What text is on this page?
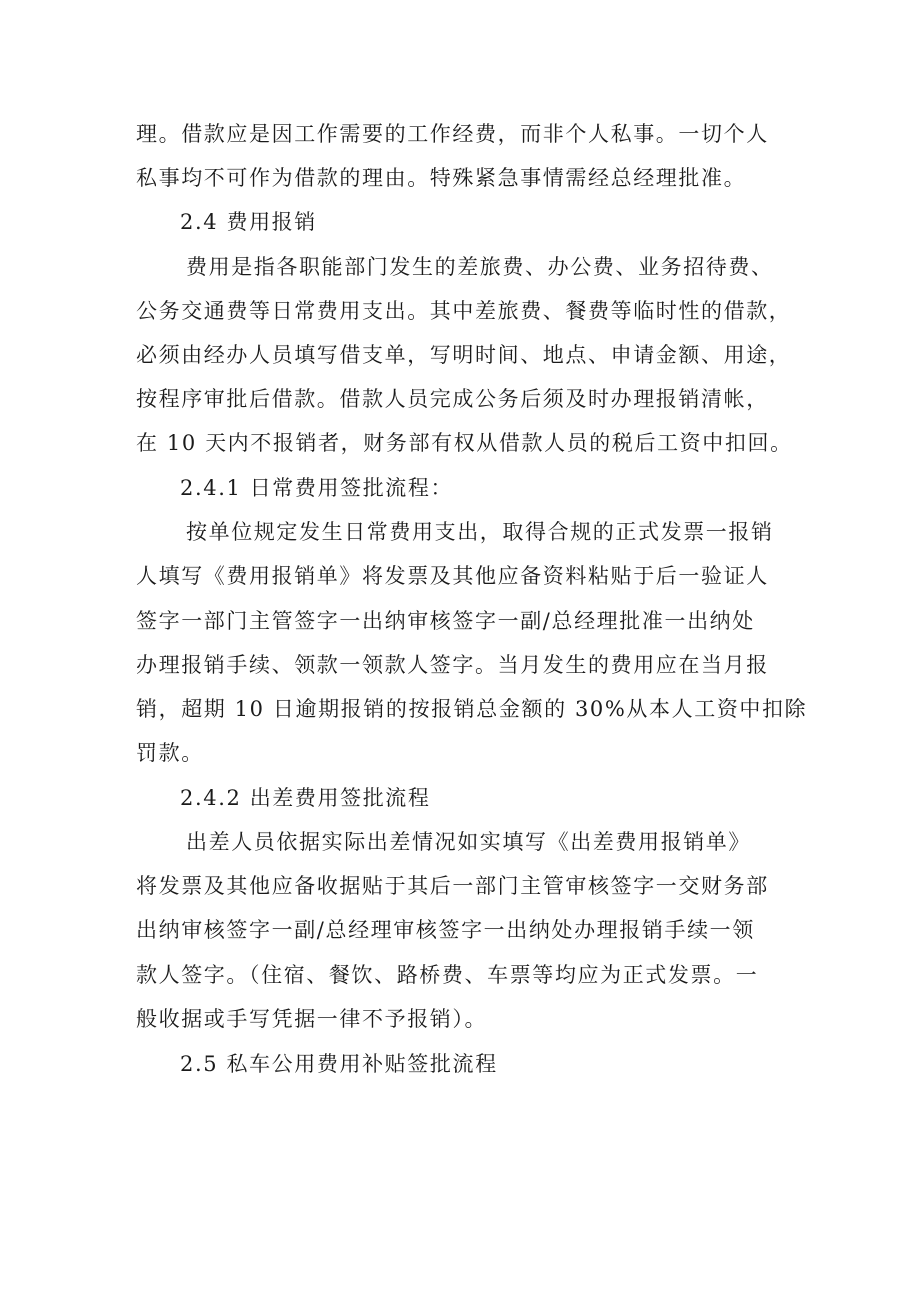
理。借款应是因工作需要的工作经费，而非个人私事。一切个人
私事均不可作为借款的理由。特殊紧急事情需经总经理批准。
2.4 费用报销
费用是指各职能部门发生的差旅费、办公费、业务招待费、
公务交通费等日常费用支出。其中差旅费、餐费等临时性的借款，
必须由经办人员填写借支单，写明时间、地点、申请金额、用途，
按程序审批后借款。借款人员完成公务后须及时办理报销清帐，
在 10 天内不报销者，财务部有权从借款人员的税后工资中扣回。
2.4.1 日常费用签批流程：
按单位规定发生日常费用支出，取得合规的正式发票一报销
人填写《费用报销单》将发票及其他应备资料粘贴于后一验证人
签字一部门主管签字一出纳审核签字一副/总经理批准一出纳处
办理报销手续、领款一领款人签字。当月发生的费用应在当月报
销，超期 10 日逾期报销的按报销总金额的 30%从本人工资中扣除
罚款。
2.4.2 出差费用签批流程
出差人员依据实际出差情况如实填写《出差费用报销单》
将发票及其他应备收据贴于其后一部门主管审核签字一交财务部
出纳审核签字一副/总经理审核签字一出纳处办理报销手续一领
款人签字。（住宿、餐饮、路桥费、车票等均应为正式发票。一
般收据或手写凭据一律不予报销）。
2.5 私车公用费用补贴签批流程
